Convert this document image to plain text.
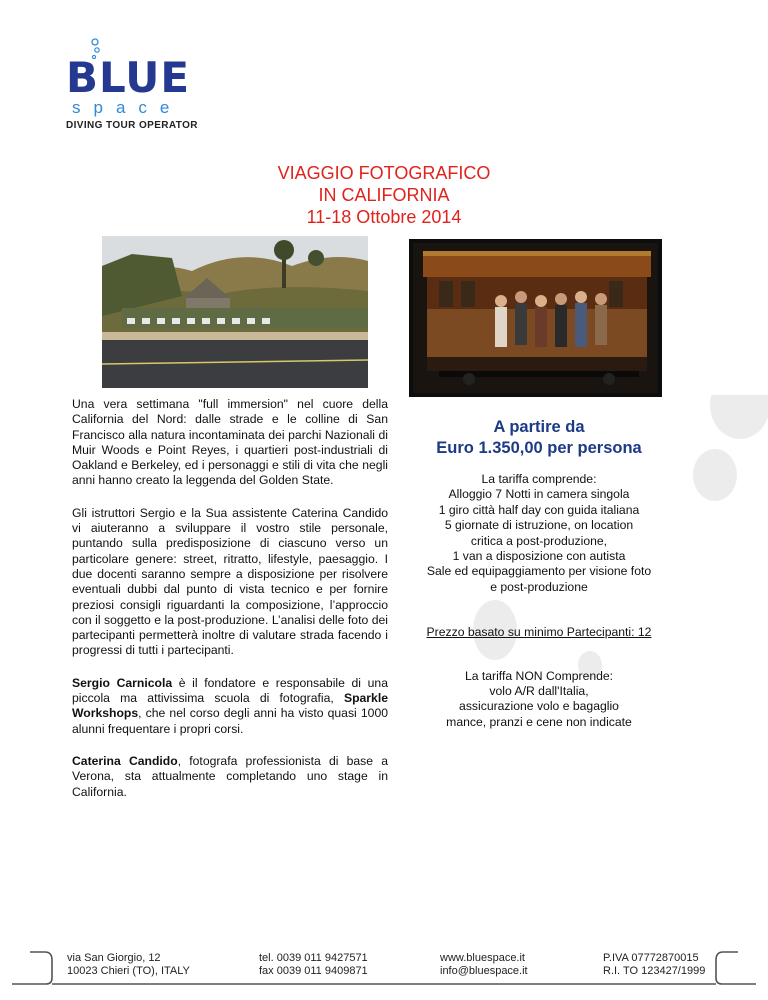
BLUE
space
DIVING TOUR OPERATOR
VIAGGIO FOTOGRAFICO
IN CALIFORNIA
11-18 Ottobre 2014

Una vera settimana "full immersion" nel cuore della California del Nord: dalle strade e le colline di San Francisco alla natura incontaminata dei parchi Nazionali di Muir Woods e Point Reyes, i quartieri post-industriali di Oakland e Berkeley, ed i personaggi e stili di vita che negli anni hanno creato la leggenda del Golden State.

Gli istruttori Sergio e la Sua assistente Caterina Candido vi aiuteranno a sviluppare il vostro stile personale, puntando sulla predisposizione di ciascuno verso un particolare genere: street, ritratto, lifestyle, paesaggio. I due docenti saranno sempre a disposizione per risolvere eventuali dubbi dal punto di vista tecnico e per fornire preziosi consigli riguardanti la composizione, l’approccio con il soggetto e la post-produzione. L’analisi delle foto dei partecipanti permetterà inoltre di valutare strada facendo i progressi di tutti i partecipanti.

Sergio Carnicola è il fondatore e responsabile di una piccola ma attivissima scuola di fotografia, Sparkle Workshops, che nel corso degli anni ha visto quasi 1000 alunni frequentare i propri corsi.

Caterina Candido, fotografa professionista di base a Verona, sta attualmente completando uno stage in California.

A partire da
Euro 1.350,00 per persona
La tariffa comprende:
Alloggio 7 Notti in camera singola
1 giro città half day con guida italiana
5 giornate di istruzione, on location
critica a post-produzione,
1 van a disposizione con autista
Sale ed equipaggiamento per visione foto
e post-produzione
Prezzo basato su minimo Partecipanti: 12
La tariffa NON Comprende:
volo A/R dall'Italia,
assicurazione volo e bagaglio
mance, pranzi e cene non indicate
via San Giorgio, 12
10023 Chieri (TO), ITALY
tel. 0039 011 9427571
fax 0039 011 9409871
www.bluespace.it
info@bluespace.it
P.IVA 07772870015
R.I. TO 123427/1999
